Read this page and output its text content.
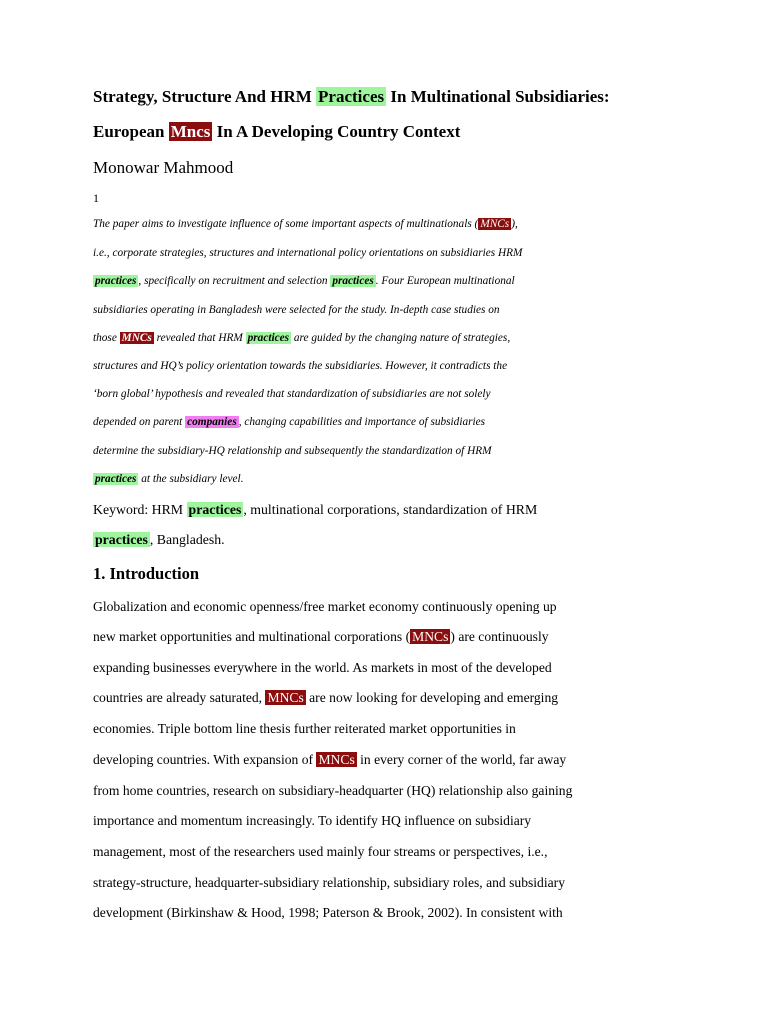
Strategy, Structure And HRM Practices In Multinational Subsidiaries:
European Mncs In A Developing Country Context
Monowar Mahmood
1
The paper aims to investigate influence of some important aspects of multinationals ( MNCs ),
i.e., corporate strategies, structures and international policy orientations on subsidiaries HRM
practices , specifically on recruitment and selection practices . Four European multinational
subsidiaries operating in Bangladesh were selected for the study. In-depth case studies on
those MNCs revealed that HRM practices are guided by the changing nature of strategies,
structures and HQ’s policy orientation towards the subsidiaries. However, it contradicts the
‘born global’ hypothesis and revealed that standardization of subsidiaries are not solely
depended on parent companies , changing capabilities and importance of subsidiaries
determine the subsidiary-HQ relationship and subsequently the standardization of HRM
practices at the subsidiary level.
Keyword: HRM practices , multinational corporations, standardization of HRM
practices , Bangladesh.
1. Introduction
Globalization and economic openness/free market economy continuously opening up
new market opportunities and multinational corporations ( MNCs ) are continuously
expanding businesses everywhere in the world. As markets in most of the developed
countries are already saturated, MNCs are now looking for developing and emerging
economies. Triple bottom line thesis further reiterated market opportunities in
developing countries. With expansion of MNCs in every corner of the world, far away
from home countries, research on subsidiary-headquarter (HQ) relationship also gaining
importance and momentum increasingly. To identify HQ influence on subsidiary
management, most of the researchers used mainly four streams or perspectives, i.e.,
strategy-structure, headquarter-subsidiary relationship, subsidiary roles, and subsidiary
development (Birkinshaw & Hood, 1998; Paterson & Brook, 2002). In consistent with
